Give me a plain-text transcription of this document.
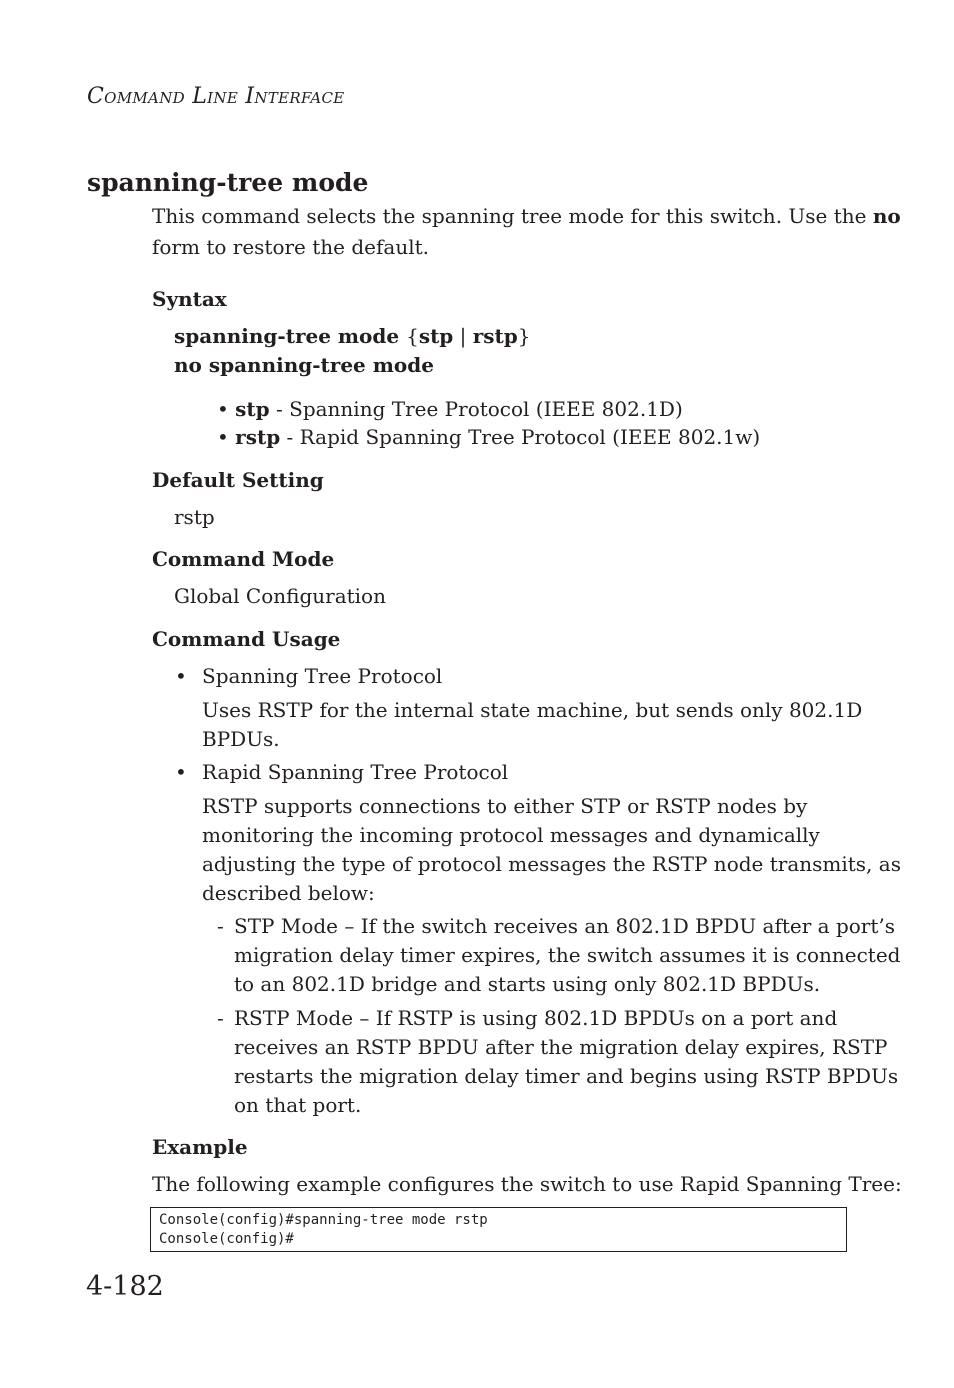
COMMAND LINE INTERFACE
spanning-tree mode
This command selects the spanning tree mode for this switch. Use the no
form to restore the default.
Syntax
spanning-tree mode {stp | rstp}
no spanning-tree mode
• stp - Spanning Tree Protocol (IEEE 802.1D)
• rstp - Rapid Spanning Tree Protocol (IEEE 802.1w)
Default Setting
rstp
Command Mode
Global Configuration
Command Usage
• Spanning Tree Protocol
Uses RSTP for the internal state machine, but sends only 802.1D
BPDUs.
• Rapid Spanning Tree Protocol
RSTP supports connections to either STP or RSTP nodes by
monitoring the incoming protocol messages and dynamically
adjusting the type of protocol messages the RSTP node transmits, as
described below:
- STP Mode – If the switch receives an 802.1D BPDU after a port’s
migration delay timer expires, the switch assumes it is connected
to an 802.1D bridge and starts using only 802.1D BPDUs.
- RSTP Mode – If RSTP is using 802.1D BPDUs on a port and
receives an RSTP BPDU after the migration delay expires, RSTP
restarts the migration delay timer and begins using RSTP BPDUs
on that port.
Example
The following example configures the switch to use Rapid Spanning Tree:
Console(config)#spanning-tree mode rstp
Console(config)#
4-182
